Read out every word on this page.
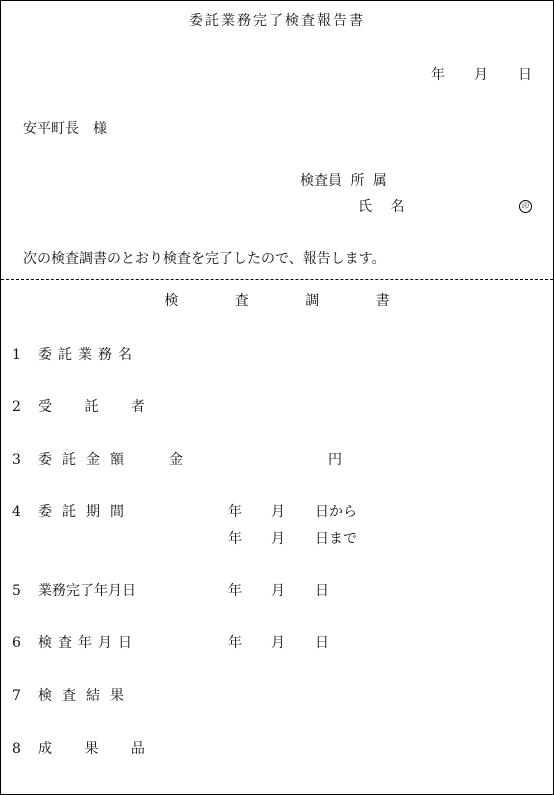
委託業務完了検査報告書
年 月 日
安平町長　様
検査員 所 属
氏 名	印
次の検査調書のとおり検査を完了したので、報告します。
検 査 調 書
1 委託業務名
2 受 託 者
3 委託金額	金	円
4 委託期間	年 月 日から
年 月 日まで
5 業務完了年月日	年 月 日
6 検査年月日	年 月 日
7 検査結果
8 成 果 品
